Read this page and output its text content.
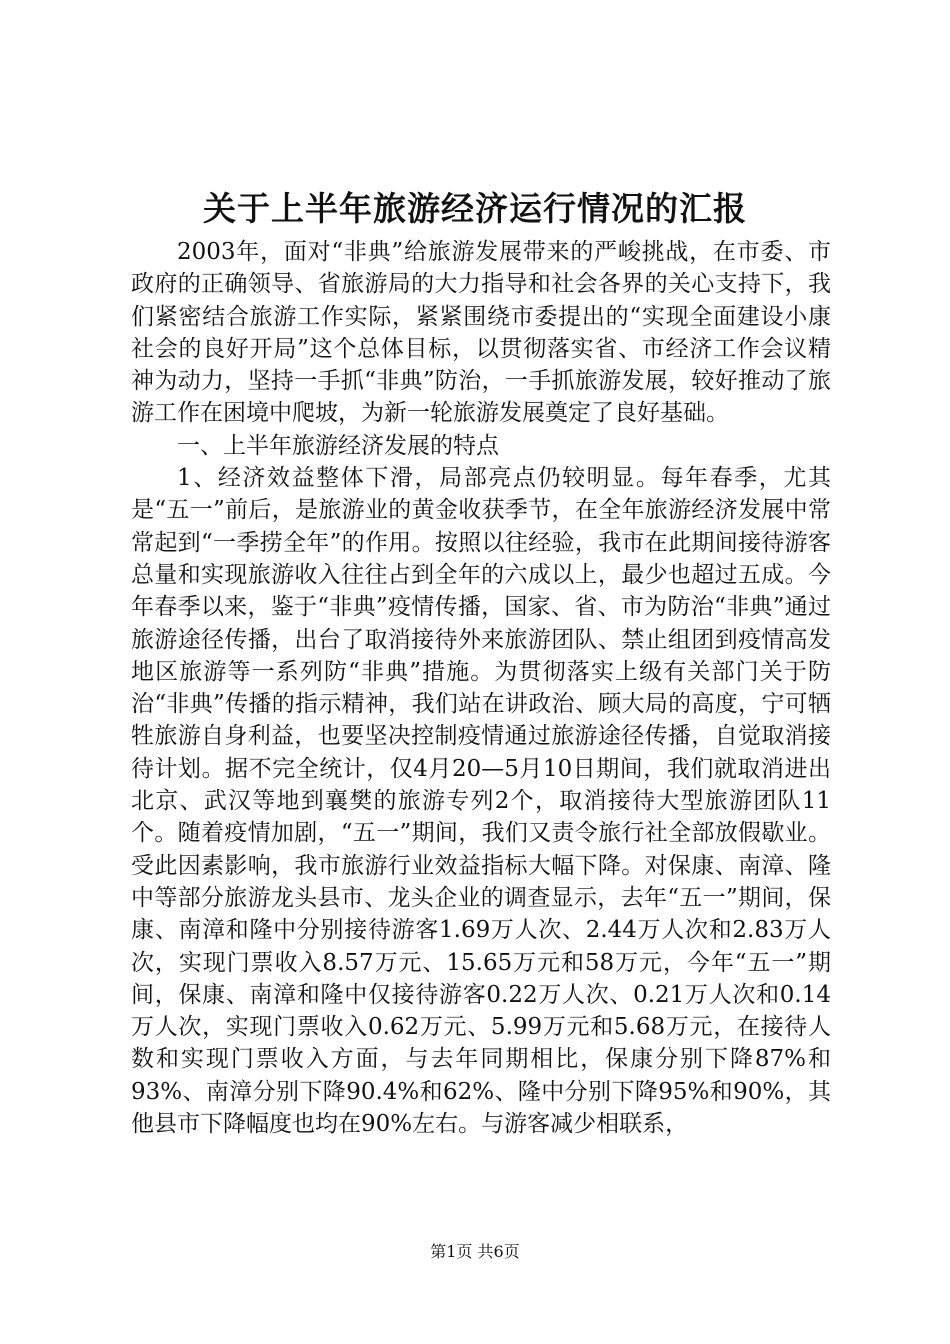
关于上半年旅游经济运行情况的汇报

2003年，面对“非典”给旅游发展带来的严峻挑战，在市委、市政府的正确领导、省旅游局的大力指导和社会各界的关心支持下，我们紧密结合旅游工作实际，紧紧围绕市委提出的“实现全面建设小康社会的良好开局”这个总体目标，以贯彻落实省、市经济工作会议精神为动力，坚持一手抓“非典”防治，一手抓旅游发展，较好推动了旅游工作在困境中爬坡，为新一轮旅游发展奠定了良好基础。

一、上半年旅游经济发展的特点

1、经济效益整体下滑，局部亮点仍较明显。每年春季，尤其是“五一”前后，是旅游业的黄金收获季节，在全年旅游经济发展中常常起到“一季捞全年”的作用。按照以往经验，我市在此期间接待游客总量和实现旅游收入往往占到全年的六成以上，最少也超过五成。今年春季以来，鉴于“非典”疫情传播，国家、省、市为防治“非典”通过旅游途径传播，出台了取消接待外来旅游团队、禁止组团到疫情高发地区旅游等一系列防“非典”措施。为贯彻落实上级有关部门关于防治“非典”传播的指示精神，我们站在讲政治、顾大局的高度，宁可牺牲旅游自身利益，也要坚决控制疫情通过旅游途径传播，自觉取消接待计划。据不完全统计，仅4月20—5月10日期间，我们就取消进出北京、武汉等地到襄樊的旅游专列2个，取消接待大型旅游团队11个。随着疫情加剧，“五一”期间，我们又责令旅行社全部放假歇业。受此因素影响，我市旅游行业效益指标大幅下降。对保康、南漳、隆中等部分旅游龙头县市、龙头企业的调查显示，去年“五一”期间，保康、南漳和隆中分别接待游客1.69万人次、2.44万人次和2.83万人次，实现门票收入8.57万元、15.65万元和58万元，今年“五一”期间，保康、南漳和隆中仅接待游客0.22万人次、0.21万人次和0.14万人次，实现门票收入0.62万元、5.99万元和5.68万元，在接待人数和实现门票收入方面，与去年同期相比，保康分别下降87%和93%、南漳分别下降90.4%和62%、隆中分别下降95%和90%，其他县市下降幅度也均在90%左右。与游客减少相联系，

第1页 共6页
